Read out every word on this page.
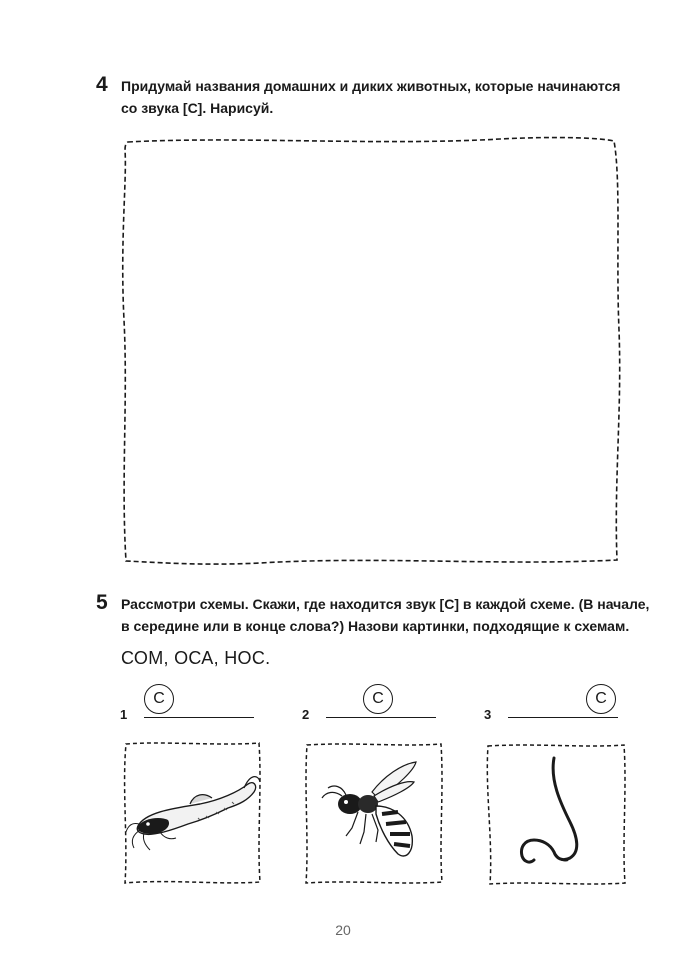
4 Придумай названия домашних и диких животных, которые начинаются
со звука [С]. Нарисуй.
5 Рассмотри схемы. Скажи, где находится звук [С] в каждой схеме. (В начале,
в середине или в конце слова?) Назови картинки, подходящие к схемам.
СОМ, ОСА, НОС.
1
С
2
С
3
С
20
